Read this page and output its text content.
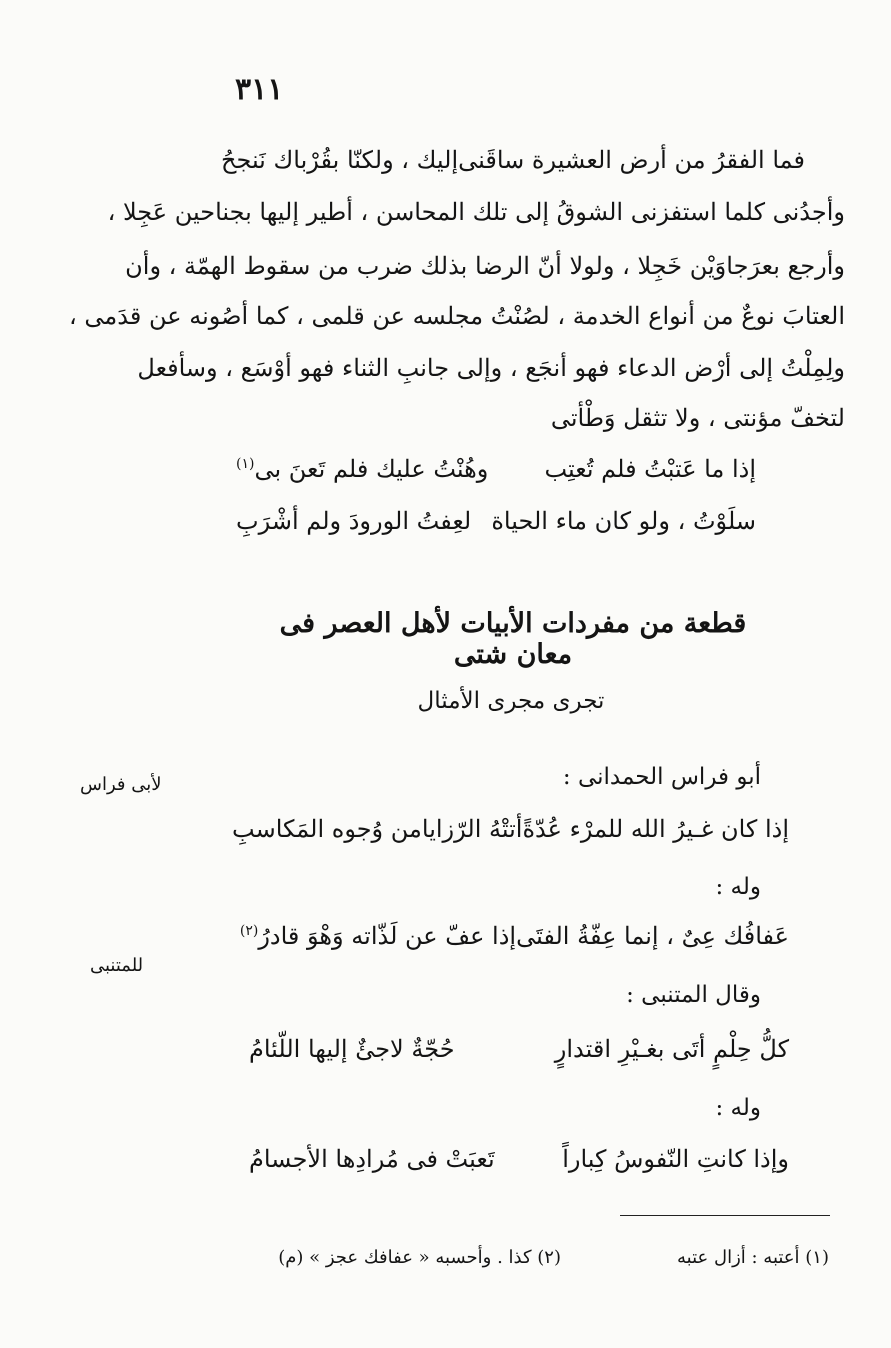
٣١١
فما الفقرُ من أرض العشيرة ساقَنى
إليك ، ولكنّا بقُرْباك نَنجحُ
وأجدُنى كلما استفزنى الشوقُ إلى تلك المحاسن ، أطير إليها بجناحين عَجِلا ،
وأرجع بعرَجاوَيْن خَجِلا ، ولولا أنّ الرضا بذلك ضرب من سقوط الهمّة ، وأن
العتابَ نوعٌ من أنواع الخدمة ، لصُنْتُ مجلسه عن قلمى ، كما أصُونه عن قدَمى ،
ولِمِلْتُ إلى أرْض الدعاء فهو أنجَع ، وإلى جانبِ الثناء فهو أوْسَع ، وسأفعل
لتخفّ مؤنتى ، ولا تثقل وَطْأتى
إذا ما عَتبْتُ فلم تُعتِب
وهُنْتُ عليك فلم تَعنَ بى$^{(١)}$
سلَوْتُ ، ولو كان ماء الحياة
لعِفتُ الورودَ ولم أشْرَبِ
قطعة من مفردات الأبيات لأهل العصر فى معان شتى
تجرى مجرى الأمثال
أبو فراس الحمدانى :
لأبى فراس
إذا كان غـيرُ الله للمرْء عُدّةً
أتتْهُ الرّزايامن وُجوه المَكاسبِ
وله :
عَفافُك عِىٌ ، إنما عِفّةُ الفتَى
إذا عفّ عن لَذّاته وَهْوَ قادرُ$^{(٢)}$
وقال المتنبى :
للمتنبى
كلُّ حِلْمٍ أتَى بغـيْرِ اقتدارٍ
حُجّةٌ لاجئٌ إليها اللّئامُ
وله :
وإذا كانتِ النّفوسُ كِباراً
تَعبَتْ فى مُرادِها الأجسامُ
(١) أعتبه : أزال عتبه
(٢) كذا . وأحسبه « عفافك عجز » (م)
